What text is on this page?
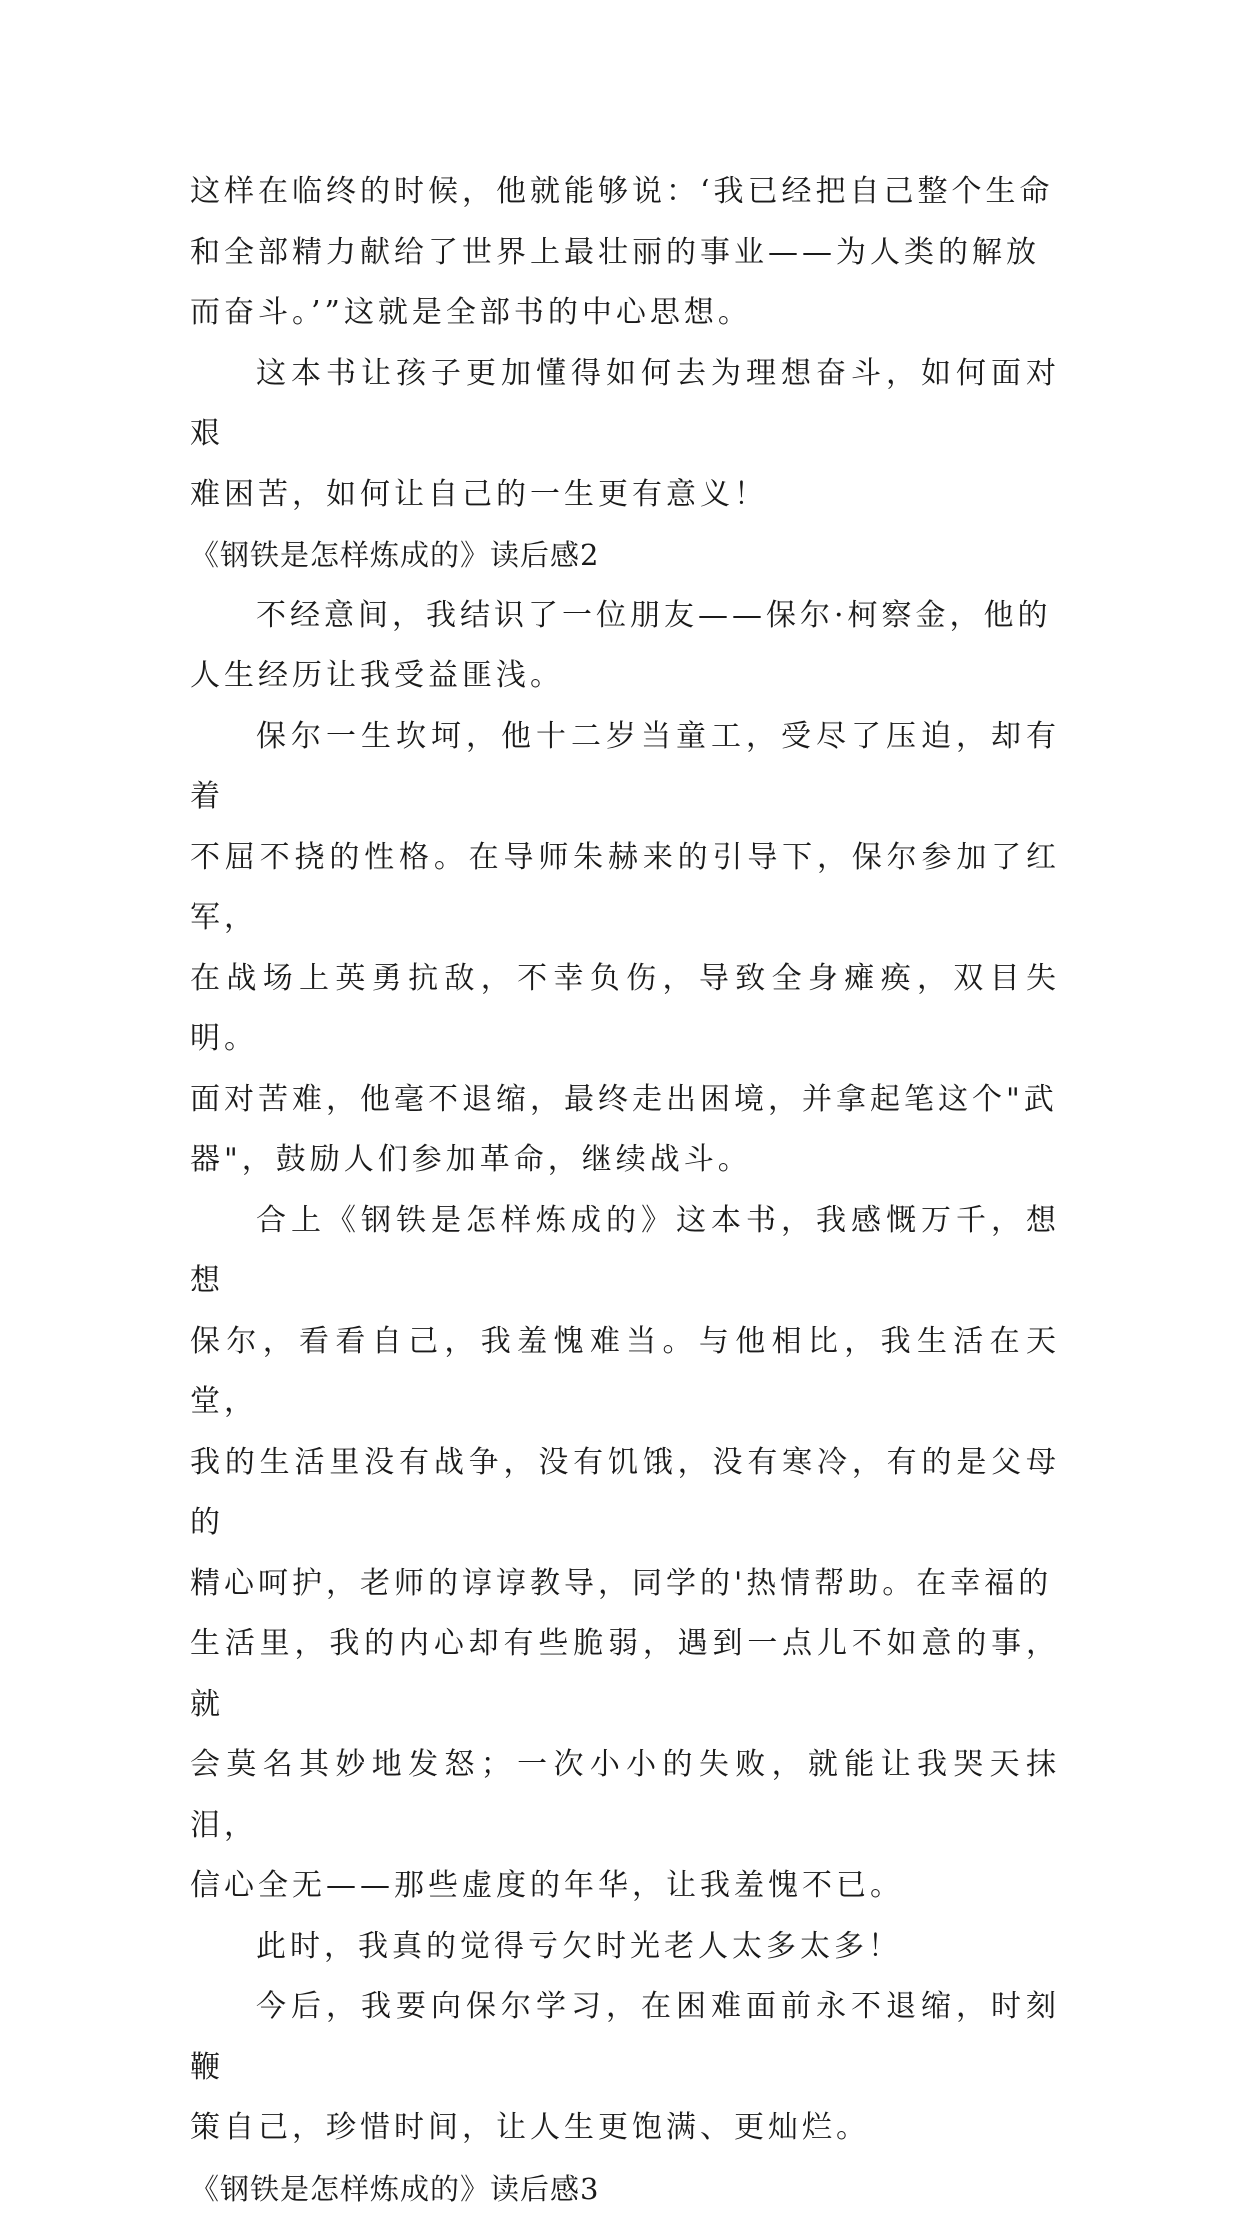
这样在临终的时候，他就能够说：‘我已经把自己整个生命
和全部精力献给了世界上最壮丽的事业——为人类的解放
而奋斗。’”这就是全部书的中心思想。

这本书让孩子更加懂得如何去为理想奋斗，如何面对艰
难困苦，如何让自己的一生更有意义！

《钢铁是怎样炼成的》读后感2

不经意间，我结识了一位朋友——保尔·柯察金，他的
人生经历让我受益匪浅。

保尔一生坎坷，他十二岁当童工，受尽了压迫，却有着
不屈不挠的性格。在导师朱赫来的引导下，保尔参加了红军，
在战场上英勇抗敌，不幸负伤，导致全身瘫痪，双目失明。
面对苦难，他毫不退缩，最终走出困境，并拿起笔这个"武
器"，鼓励人们参加革命，继续战斗。

合上《钢铁是怎样炼成的》这本书，我感慨万千，想想
保尔，看看自己，我羞愧难当。与他相比，我生活在天堂，
我的生活里没有战争，没有饥饿，没有寒冷，有的是父母的
精心呵护，老师的谆谆教导，同学的'热情帮助。在幸福的
生活里，我的内心却有些脆弱，遇到一点儿不如意的事，就
会莫名其妙地发怒；一次小小的失败，就能让我哭天抹泪，
信心全无——那些虚度的年华，让我羞愧不已。

此时，我真的觉得亏欠时光老人太多太多！

今后，我要向保尔学习，在困难面前永不退缩，时刻鞭
策自己，珍惜时间，让人生更饱满、更灿烂。

《钢铁是怎样炼成的》读后感3
